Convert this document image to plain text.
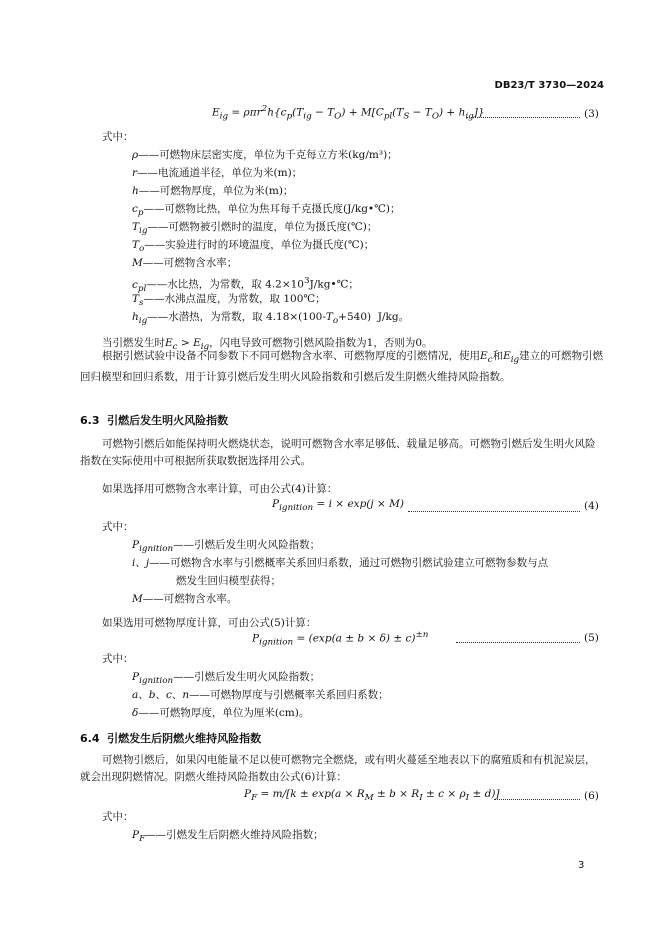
DB23/T 3730—2024
$E_{ig} = \rho\pi r^2h\{c_p(T_{ig} - T_O) + M[C_{pl}(T_S - T_O) + h_{ig}]\}$	(3)
式中：
ρ——可燃物床层密实度，单位为千克每立方米(kg/m³)；
r——电流通道半径，单位为米(m)；
h——可燃物厚度，单位为米(m)；
$c_p——$可燃物比热，单位为焦耳每千克摄氏度(J/kg•℃)；
$T_{ig}——$可燃物被引燃时的温度，单位为摄氏度(℃)；
$T_o——$实验进行时的环境温度，单位为摄氏度(℃)；
M——可燃物含水率；
$c_{pl}——$水比热，为常数，取 $4.2\times 10^3J/kg•℃$；
$T_s——$水沸点温度，为常数，取 100℃；
$h_{ig}——$水潜热，为常数，取 $4.18\times(100-T_o+540)$  J/kg。
当引燃发生时$E_c > E_{ig}$，闪电导致可燃物引燃风险指数为1，否则为0。
根据引燃试验中设备不同参数下不同可燃物含水率、可燃物厚度的引燃情况，使用$E_c$和$E_{ig}$建立的可燃物引燃回归模型和回归系数，用于计算引燃后发生明火风险指数和引燃后发生阴燃火维持风险指数。
6.3 引燃后发生明火风险指数
可燃物引燃后如能保持明火燃烧状态，说明可燃物含水率足够低、载量足够高。可燃物引燃后发生明火风险指数在实际使用中可根据所获取数据选择用公式。
如果选择用可燃物含水率计算，可由公式(4)计算：
$P_{ignition} = i \times \exp(j \times M)$	(4)
式中：
$P_{ignition}——$引燃后发生明火风险指数；
i、j——可燃物含水率与引燃概率关系回归系数，通过可燃物引燃试验建立可燃物参数与点
燃发生回归模型获得；
M——可燃物含水率。
如果选用可燃物厚度计算，可由公式(5)计算：
$P_{ignition} = (\exp(a \pm b \times \delta) \pm c)^{\pm n}$	(5)
式中：
$P_{ignition}——$引燃后发生明火风险指数；
a、b、c、n——可燃物厚度与引燃概率关系回归系数；
δ——可燃物厚度，单位为厘米(cm)。
6.4 引燃发生后阴燃火维持风险指数
可燃物引燃后，如果闪电能量不足以使可燃物完全燃烧，或有明火蔓延至地表以下的腐殖质和有机泥炭层，就会出现阴燃情况。阴燃火维持风险指数由公式(6)计算：
$P_F = m/[k \pm \exp(a \times R_M \pm b \times R_I \pm c \times \rho_I \pm d)]$	(6)
式中：
$P_F——$引燃发生后阴燃火维持风险指数；
3
